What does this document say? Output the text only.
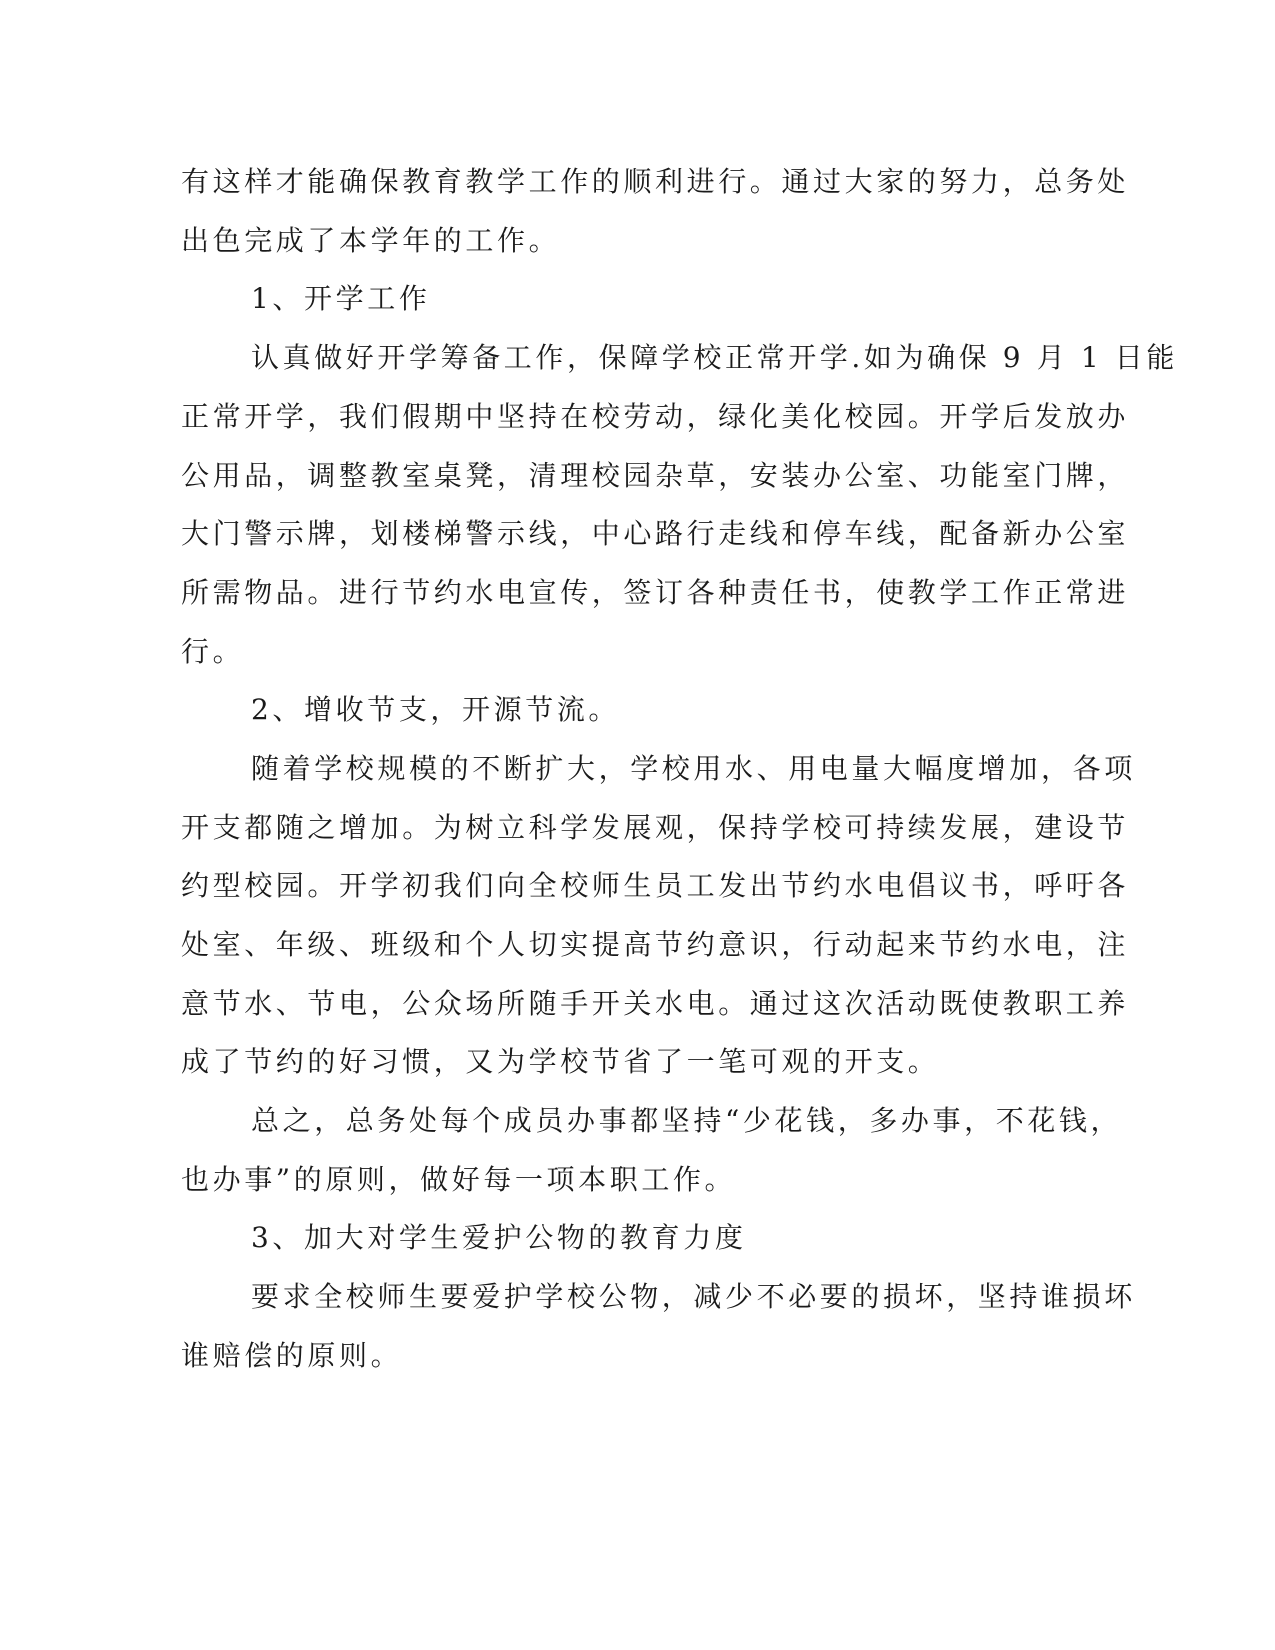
有这样才能确保教育教学工作的顺利进行。通过大家的努力，总务处
出色完成了本学年的工作。
1、开学工作
认真做好开学筹备工作，保障学校正常开学.如为确保 9 月 1 日能
正常开学，我们假期中坚持在校劳动，绿化美化校园。开学后发放办
公用品，调整教室桌凳，清理校园杂草，安装办公室、功能室门牌，
大门警示牌，划楼梯警示线，中心路行走线和停车线，配备新办公室
所需物品。进行节约水电宣传，签订各种责任书，使教学工作正常进
行。
2、增收节支，开源节流。
随着学校规模的不断扩大，学校用水、用电量大幅度增加，各项
开支都随之增加。为树立科学发展观，保持学校可持续发展，建设节
约型校园。开学初我们向全校师生员工发出节约水电倡议书，呼吁各
处室、年级、班级和个人切实提高节约意识，行动起来节约水电，注
意节水、节电，公众场所随手开关水电。通过这次活动既使教职工养
成了节约的好习惯，又为学校节省了一笔可观的开支。
总之，总务处每个成员办事都坚持“少花钱，多办事，不花钱，
也办事”的原则，做好每一项本职工作。
3、加大对学生爱护公物的教育力度
要求全校师生要爱护学校公物，减少不必要的损坏，坚持谁损坏
谁赔偿的原则。
